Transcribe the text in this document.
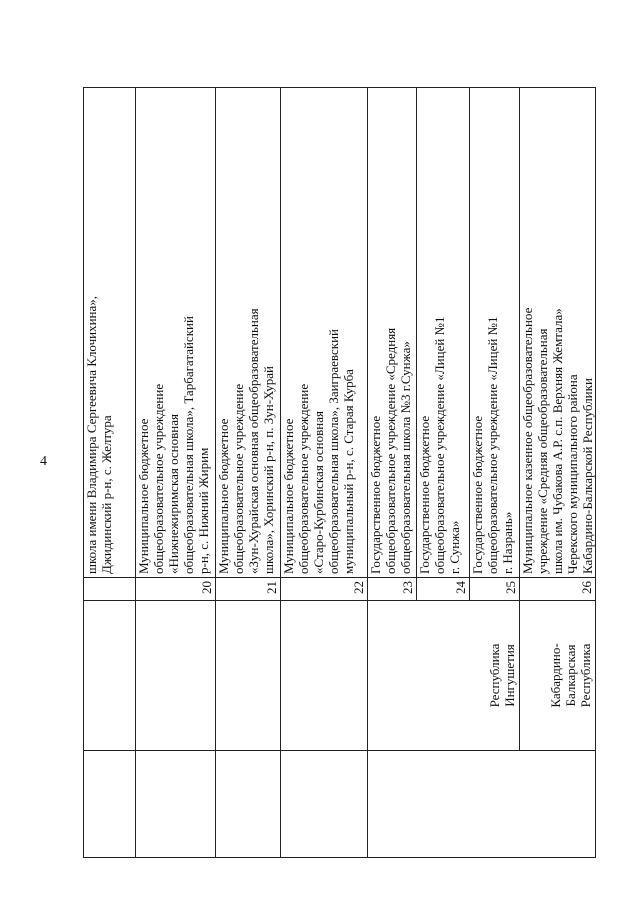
4

			школа имени Владимира Сергеевича Клочихина», Джидинский р-н, с. Желтура

		20	Муниципальное бюджетное общеобразовательное учреждение «Нижнежиримская основная общеобразовательная школа», Тарбагатайский р-н, с. Нижний Жирим

		21	Муниципальное бюджетное общеобразовательное учреждение «Зун-Хурайская основная общеобразовательная школа», Хоринский р-н, п. Зун-Хурай

		22	Муниципальное бюджетное общеобразовательное учреждение «Старо-Курбинская основная общеобразовательная школа», Заиграевский муниципальный р-н, с. Старая Курба

	Республика Ингушетия	23	Государственное бюджетное общеобразовательное учреждение «Средняя общеобразовательная школа №3 г.Сунжа»

		24	Государственное бюджетное общеобразовательное учреждение «Лицей №1 г. Сунжа»

		25	Государственное бюджетное общеобразовательное учреждение «Лицей №1 г. Назрань»

	Кабардино- Балкарская Республика	26	Муниципальное казенное общеобразовательное учреждение «Средняя общеобразовательная школа им. Чубакова А.Р. с.п. Верхняя Жемтала» Черекского муниципального района Кабардино-Балкарской Республики
